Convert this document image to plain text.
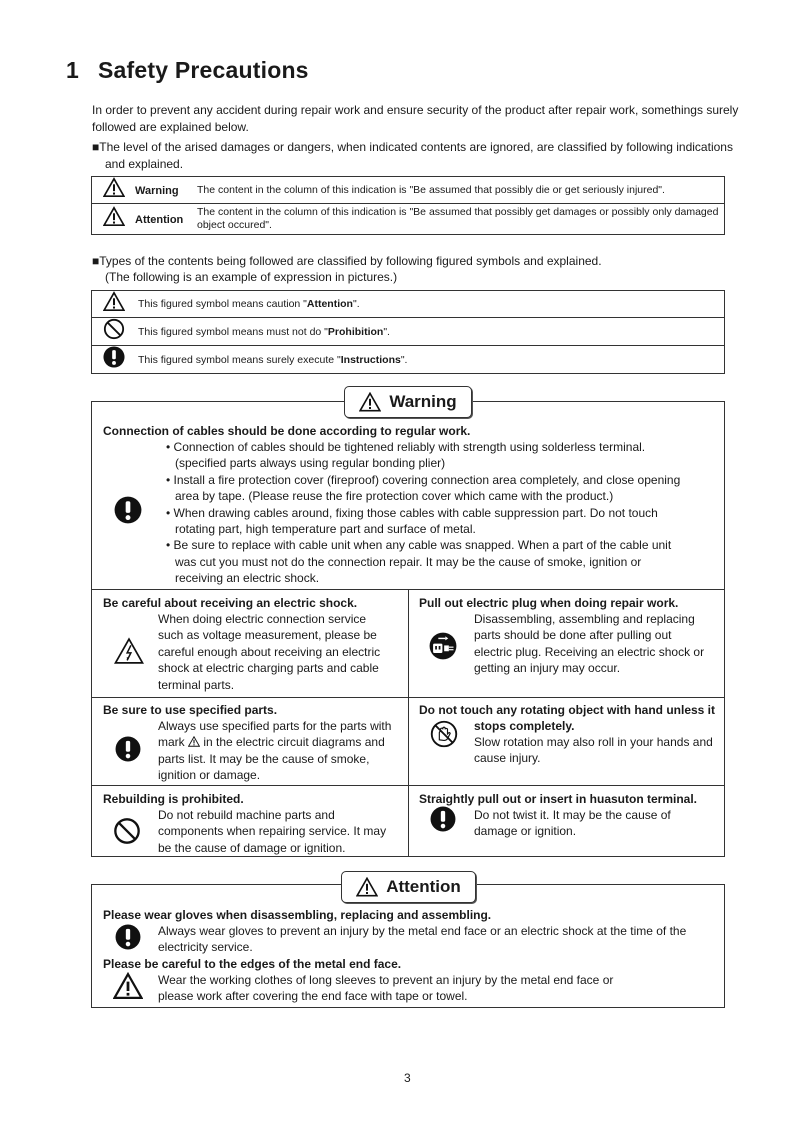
1 Safety Precautions
In order to prevent any accident during repair work and ensure security of the product after repair work, somethings surely followed are explained below.
■The level of the arised damages or dangers, when indicated contents are ignored, are classified by following indications and explained.
	Warning	The content in the column of this indication is "Be assumed that possibly die or get seriously injured".
	Attention	The content in the column of this indication is "Be assumed that possibly get damages or possibly only damaged object occured".
■Types of the contents being followed are classified by following figured symbols and explained.
(The following is an example of expression in pictures.)
	This figured symbol means caution "Attention".
	This figured symbol means must not do "Prohibition".
	This figured symbol means surely execute "Instructions".
Warning
Connection of cables should be done according to regular work.
• Connection of cables should be tightened reliably with strength using solderless terminal. (specified parts always using regular bonding plier)
• Install a fire protection cover (fireproof) covering connection area completely, and close opening area by tape. (Please reuse the fire protection cover which came with the product.)
• When drawing cables around, fixing those cables with cable suppression part. Do not touch rotating part, high temperature part and surface of metal.
• Be sure to replace with cable unit when any cable was snapped. When a part of the cable unit was cut you must not do the connection repair. It may be the cause of smoke, ignition or receiving an electric shock.
Be careful about receiving an electric shock.
When doing electric connection service such as voltage measurement, please be careful enough about receiving an electric shock at electric charging parts and cable terminal parts.
Pull out electric plug when doing repair work.
Disassembling, assembling and replacing parts should be done after pulling out electric plug. Receiving an electric shock or getting an injury may occur.
Be sure to use specified parts.
Always use specified parts for the parts with mark  in the electric circuit diagrams and parts list. It may be the cause of smoke, ignition or damage.
Do not touch any rotating object with hand unless it
stops completely.
Slow rotation may also roll in your hands and cause injury.
Rebuilding is prohibited.
Do not rebuild machine parts and components when repairing service. It may be the cause of damage or ignition.
Straightly pull out or insert in huasuton terminal.
Do not twist it. It may be the cause of damage or ignition.
Attention
Please wear gloves when disassembling, replacing and assembling.
Always wear gloves to prevent an injury by the metal end face or an electric shock at the time of the electricity service.
Please be careful to the edges of the metal end face.
Wear the working clothes of long sleeves to prevent an injury by the metal end face or please work after covering the end face with tape or towel.
3
